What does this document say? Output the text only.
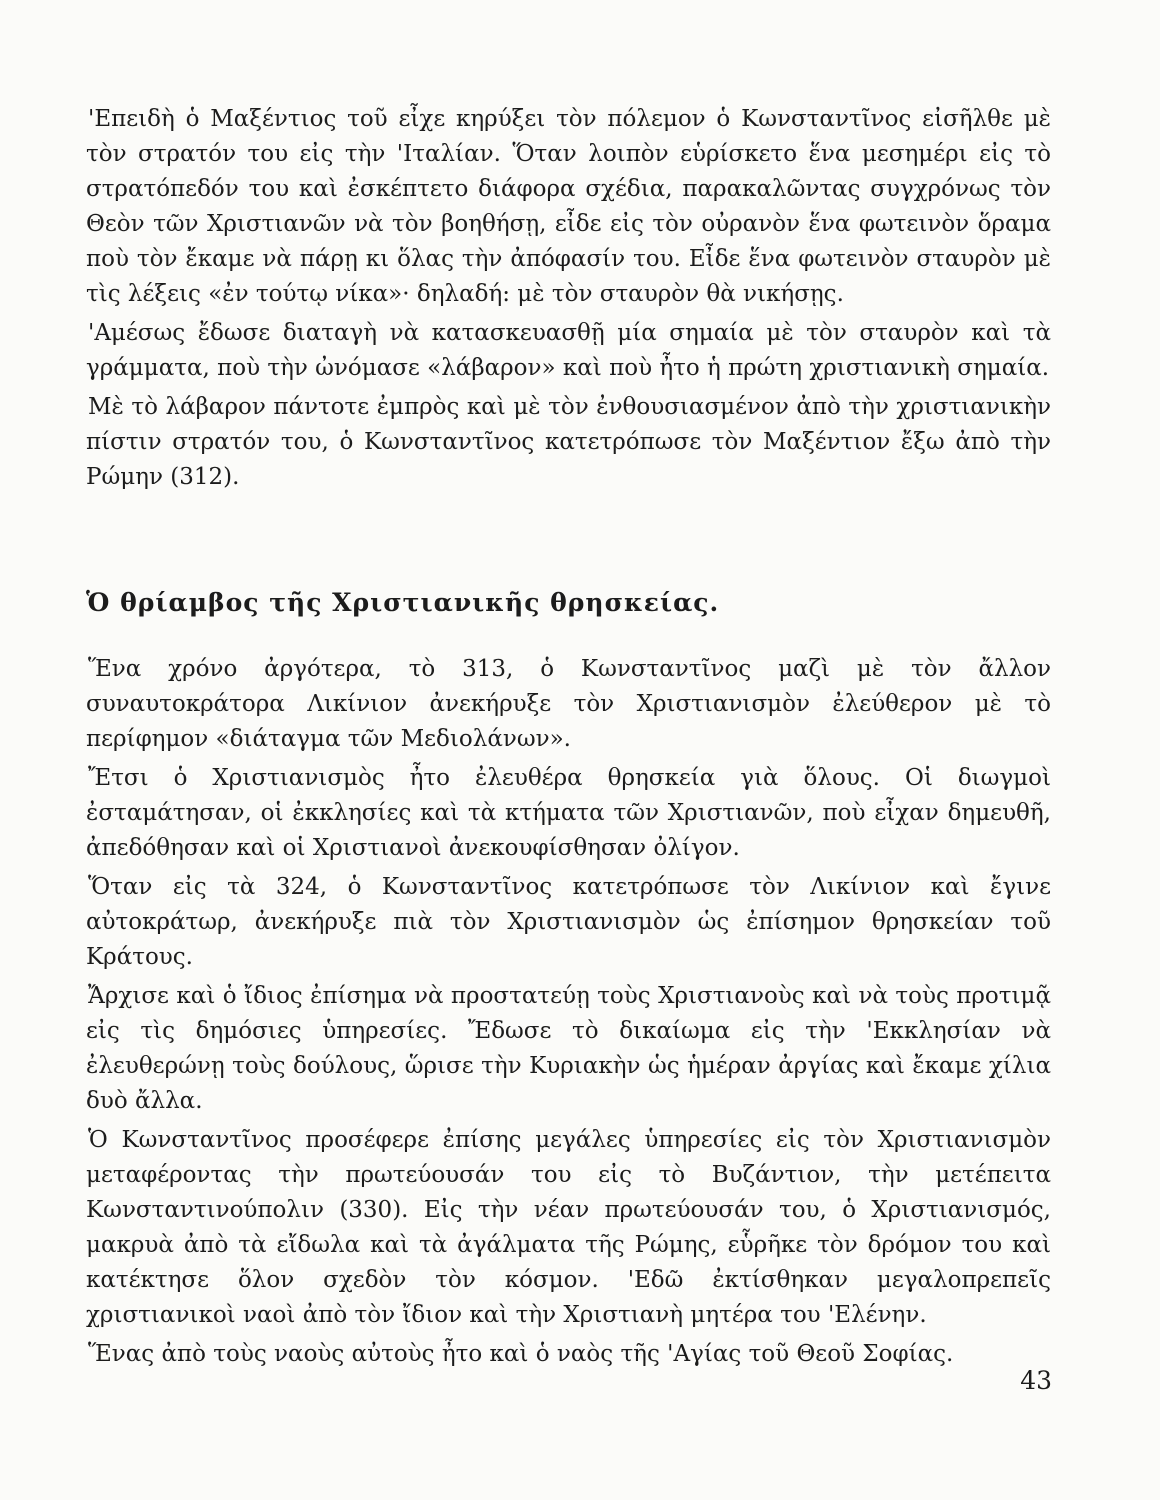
'Επειδὴ ὁ Μαξέντιος τοῦ εἶχε κηρύξει τὸν πόλεμον ὁ Κωνσταντῖνος εἰσῆλθε μὲ τὸν στρατόν του εἰς τὴν 'Ιταλίαν. Ὅταν λοιπὸν εὑρίσκετο ἕνα μεσημέρι εἰς τὸ στρατόπεδόν του καὶ ἐσκέπτετο διάφορα σχέδια, παρακαλῶντας συγχρόνως τὸν Θεὸν τῶν Χριστιανῶν νὰ τὸν βοηθήσῃ, εἶδε εἰς τὸν οὐρανὸν ἕνα φωτεινὸν ὅραμα ποὺ τὸν ἔκαμε νὰ πάρῃ κι ὅλας τὴν ἀπόφασίν του. Εἶδε ἕνα φωτεινὸν σταυρὸν μὲ τὶς λέξεις «ἐν τούτῳ νίκα»· δηλαδή: μὲ τὸν σταυρὸν θὰ νικήσῃς.

'Αμέσως ἔδωσε διαταγὴ νὰ κατασκευασθῇ μία σημαία μὲ τὸν σταυρὸν καὶ τὰ γράμματα, ποὺ τὴν ὠνόμασε «λάβαρον» καὶ ποὺ ἦτο ἡ πρώτη χριστιανικὴ σημαία.

Μὲ τὸ λάβαρον πάντοτε ἐμπρὸς καὶ μὲ τὸν ἐνθουσιασμένον ἀπὸ τὴν χριστιανικὴν πίστιν στρατόν του, ὁ Κωνσταντῖνος κατετρόπωσε τὸν Μαξέντιον ἔξω ἀπὸ τὴν Ρώμην (312).

Ὁ θρίαμβος τῆς Χριστιανικῆς θρησκείας.

Ἕνα χρόνο ἀργότερα, τὸ 313, ὁ Κωνσταντῖνος μαζὶ μὲ τὸν ἄλλον συναυτοκράτορα Λικίνιον ἀνεκήρυξε τὸν Χριστιανισμὸν ἐλεύθερον μὲ τὸ περίφημον «διάταγμα τῶν Μεδιολάνων».

Ἔτσι ὁ Χριστιανισμὸς ἦτο ἐλευθέρα θρησκεία γιὰ ὅλους. Οἱ διωγμοὶ ἐσταμάτησαν, οἱ ἐκκλησίες καὶ τὰ κτήματα τῶν Χριστιανῶν, ποὺ εἶχαν δημευθῆ, ἀπεδόθησαν καὶ οἱ Χριστιανοὶ ἀνεκουφίσθησαν ὀλίγον.

Ὅταν εἰς τὰ 324, ὁ Κωνσταντῖνος κατετρόπωσε τὸν Λικίνιον καὶ ἔγινε αὐτοκράτωρ, ἀνεκήρυξε πιὰ τὸν Χριστιανισμὸν ὡς ἐπίσημον θρησκείαν τοῦ Κράτους.

Ἄρχισε καὶ ὁ ἴδιος ἐπίσημα νὰ προστατεύῃ τοὺς Χριστιανοὺς καὶ νὰ τοὺς προτιμᾷ εἰς τὶς δημόσιες ὑπηρεσίες. Ἔδωσε τὸ δικαίωμα εἰς τὴν 'Εκκλησίαν νὰ ἐλευθερώνῃ τοὺς δούλους, ὥρισε τὴν Κυριακὴν ὡς ἡμέραν ἀργίας καὶ ἔκαμε χίλια δυὸ ἄλλα.

Ὁ Κωνσταντῖνος προσέφερε ἐπίσης μεγάλες ὑπηρεσίες εἰς τὸν Χριστιανισμὸν μεταφέροντας τὴν πρωτεύουσάν του εἰς τὸ Βυζάντιον, τὴν μετέπειτα Κωνσταντινούπολιν (330). Εἰς τὴν νέαν πρωτεύουσάν του, ὁ Χριστιανισμός, μακρυὰ ἀπὸ τὰ εἴδωλα καὶ τὰ ἀγάλματα τῆς Ρώμης, εὗρῆκε τὸν δρόμον του καὶ κατέκτησε ὅλον σχεδὸν τὸν κόσμον. 'Εδῶ ἐκτίσθηκαν μεγαλοπρεπεῖς χριστιανικοὶ ναοὶ ἀπὸ τὸν ἴδιον καὶ τὴν Χριστιανὴ μητέρα του 'Ελένην.

Ἕνας ἀπὸ τοὺς ναοὺς αὐτοὺς ἦτο καὶ ὁ ναὸς τῆς 'Αγίας τοῦ Θεοῦ Σοφίας.

43
